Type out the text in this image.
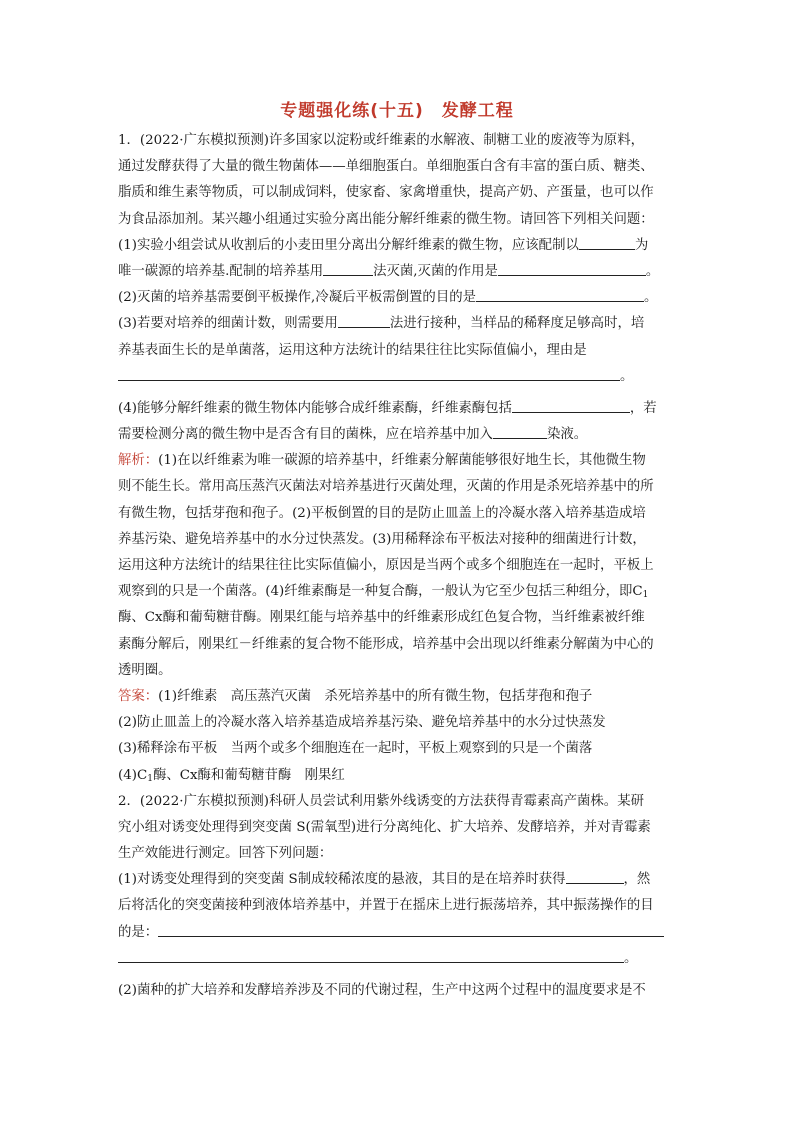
专题强化练(十五)　发酵工程
1．(2022·广东模拟预测)许多国家以淀粉或纤维素的水解液、制糖工业的废液等为原料，
通过发酵获得了大量的微生物菌体——单细胞蛋白。单细胞蛋白含有丰富的蛋白质、糖类、
脂质和维生素等物质，可以制成饲料，使家畜、家禽增重快，提高产奶、产蛋量，也可以作
为食品添加剂。某兴趣小组通过实验分离出能分解纤维素的微生物。请回答下列相关问题：
(1)实验小组尝试从收割后的小麦田里分离出分解纤维素的微生物，应该配制以	为
唯一碳源的培养基.配制的培养基用	法灭菌,灭菌的作用是	。
(2)灭菌的培养基需要倒平板操作,冷凝后平板需倒置的目的是	。
(3)若要对培养的细菌计数，则需要用	法进行接种，当样品的稀释度足够高时，培
养基表面生长的是单菌落，运用这种方法统计的结果往往比实际值偏小，理由是
。
(4)能够分解纤维素的微生物体内能够合成纤维素酶，纤维素酶包括	，若
需要检测分离的微生物中是否含有目的菌株，应在培养基中加入	染液。
解析：(1)在以纤维素为唯一碳源的培养基中，纤维素分解菌能够很好地生长，其他微生物
则不能生长。常用高压蒸汽灭菌法对培养基进行灭菌处理，灭菌的作用是杀死培养基中的所
有微生物，包括芽孢和孢子。(2)平板倒置的目的是防止皿盖上的冷凝水落入培养基造成培
养基污染、避免培养基中的水分过快蒸发。(3)用稀释涂布平板法对接种的细菌进行计数，
运用这种方法统计的结果往往比实际值偏小，原因是当两个或多个细胞连在一起时，平板上
观察到的只是一个菌落。(4)纤维素酶是一种复合酶，一般认为它至少包括三种组分，即$C_1$
酶、Cx酶和葡萄糖苷酶。刚果红能与培养基中的纤维素形成红色复合物，当纤维素被纤维
素酶分解后，刚果红－纤维素的复合物不能形成，培养基中会出现以纤维素分解菌为中心的
透明圈。
答案：(1)纤维素　高压蒸汽灭菌　杀死培养基中的所有微生物，包括芽孢和孢子
(2)防止皿盖上的冷凝水落入培养基造成培养基污染、避免培养基中的水分过快蒸发
(3)稀释涂布平板　当两个或多个细胞连在一起时，平板上观察到的只是一个菌落
$(4)C_1$酶、Cx酶和葡萄糖苷酶　刚果红
2．(2022·广东模拟预测)科研人员尝试利用紫外线诱变的方法获得青霉素高产菌株。某研
究小组对诱变处理得到突变菌 S(需氧型)进行分离纯化、扩大培养、发酵培养，并对青霉素
生产效能进行测定。回答下列问题：
(1)对诱变处理得到的突变菌 S制成较稀浓度的悬液，其目的是在培养时获得	，然
后将活化的突变菌接种到液体培养基中，并置于在摇床上进行振荡培养，其中振荡操作的目
的是：
。
(2)菌种的扩大培养和发酵培养涉及不同的代谢过程，生产中这两个过程中的温度要求是不
